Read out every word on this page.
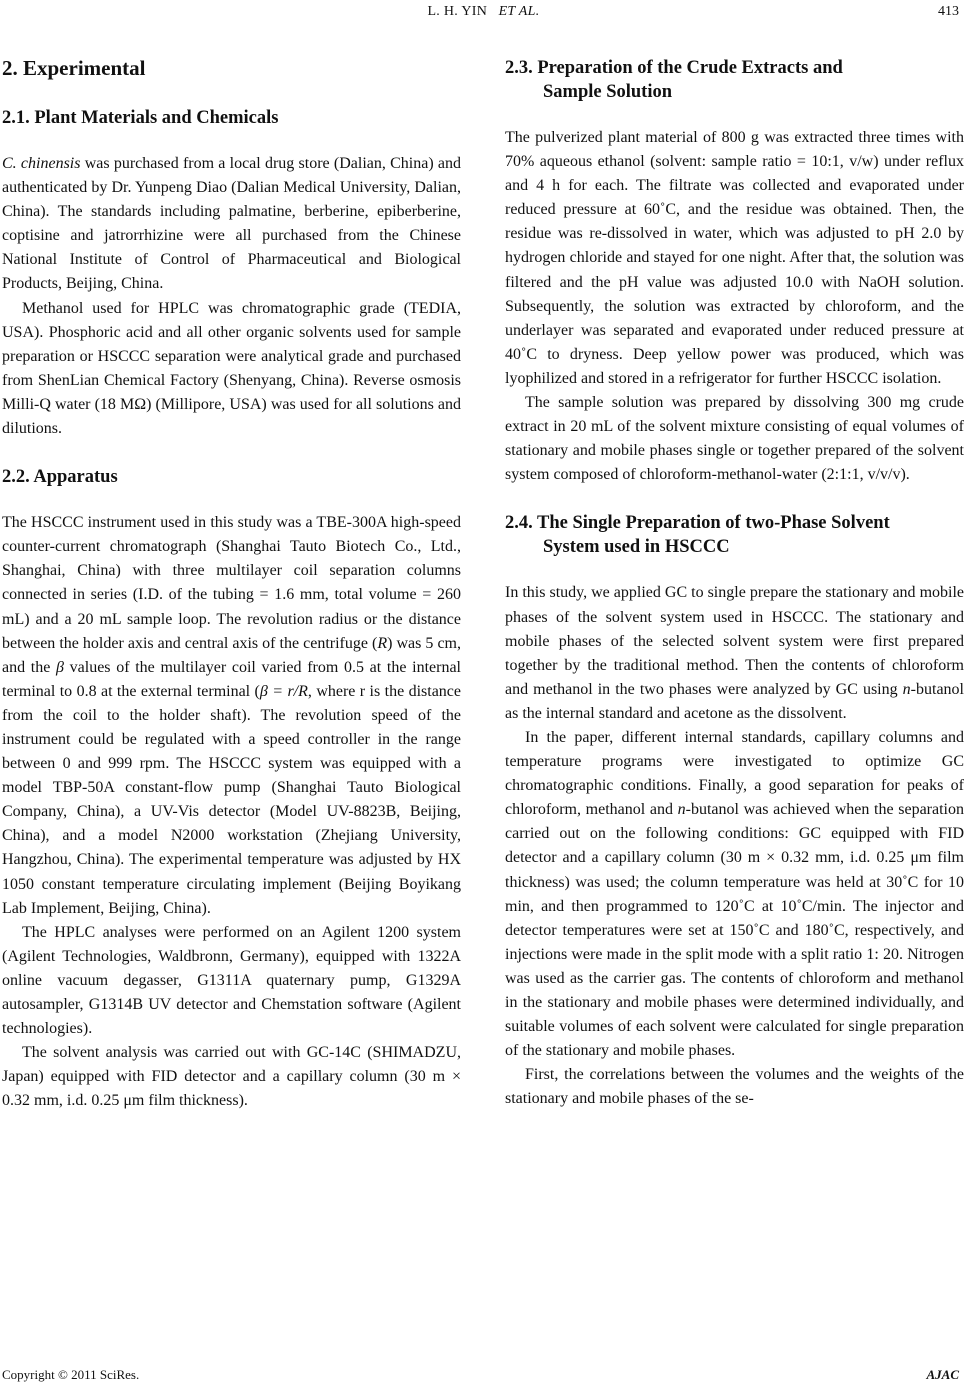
L. H. YIN ET AL.	413
2. Experimental
2.1. Plant Materials and Chemicals

C. chinensis was purchased from a local drug store (Dalian, China) and authenticated by Dr. Yunpeng Diao (Dalian Medical University, Dalian, China). The standards including palmatine, berberine, epiberberine, coptisine and jatrorrhizine were all purchased from the Chinese National Institute of Control of Pharmaceutical and Biological Products, Beijing, China.

Methanol used for HPLC was chromatographic grade (TEDIA, USA). Phosphoric acid and all other organic solvents used for sample preparation or HSCCC separation were analytical grade and purchased from ShenLian Chemical Factory (Shenyang, China). Reverse osmosis Milli-Q water (18 MΩ) (Millipore, USA) was used for all solutions and dilutions.

2.2. Apparatus

The HSCCC instrument used in this study was a TBE-300A high-speed counter-current chromatograph (Shanghai Tauto Biotech Co., Ltd., Shanghai, China) with three multilayer coil separation columns connected in series (I.D. of the tubing = 1.6 mm, total volume = 260 mL) and a 20 mL sample loop. The revolution radius or the distance between the holder axis and central axis of the centrifuge (R) was 5 cm, and the β values of the multilayer coil varied from 0.5 at the internal terminal to 0.8 at the external terminal (β = r/R, where r is the distance from the coil to the holder shaft). The revolution speed of the instrument could be regulated with a speed controller in the range between 0 and 999 rpm. The HSCCC system was equipped with a model TBP-50A constant-flow pump (Shanghai Tauto Biological Company, China), a UV-Vis detector (Model UV-8823B, Beijing, China), and a model N2000 workstation (Zhejiang University, Hangzhou, China). The experimental temperature was adjusted by HX 1050 constant temperature circulating implement (Beijing Boyikang Lab Implement, Beijing, China).

The HPLC analyses were performed on an Agilent 1200 system (Agilent Technologies, Waldbronn, Germany), equipped with 1322A online vacuum degasser, G1311A quaternary pump, G1329A autosampler, G1314B UV detector and Chemstation software (Agilent technologies).

The solvent analysis was carried out with GC-14C (SHIMADZU, Japan) equipped with FID detector and a capillary column (30 m × 0.32 mm, i.d. 0.25 μm film thickness).

2.3. Preparation of the Crude Extracts and
Sample Solution

The pulverized plant material of 800 g was extracted three times with 70% aqueous ethanol (solvent: sample ratio = 10:1, v/w) under reflux and 4 h for each. The filtrate was collected and evaporated under reduced pressure at 60˚C, and the residue was obtained. Then, the residue was re-dissolved in water, which was adjusted to pH 2.0 by hydrogen chloride and stayed for one night. After that, the solution was filtered and the pH value was adjusted 10.0 with NaOH solution. Subsequently, the solution was extracted by chloroform, and the underlayer was separated and evaporated under reduced pressure at 40˚C to dryness. Deep yellow power was produced, which was lyophilized and stored in a refrigerator for further HSCCC isolation.

The sample solution was prepared by dissolving 300 mg crude extract in 20 mL of the solvent mixture consisting of equal volumes of stationary and mobile phases single or together prepared of the solvent system composed of chloroform-methanol-water (2:1:1, v/v/v).

2.4. The Single Preparation of two-Phase Solvent
System used in HSCCC

In this study, we applied GC to single prepare the stationary and mobile phases of the solvent system used in HSCCC. The stationary and mobile phases of the selected solvent system were first prepared together by the traditional method. Then the contents of chloroform and methanol in the two phases were analyzed by GC using n-butanol as the internal standard and acetone as the dissolvent.

In the paper, different internal standards, capillary columns and temperature programs were investigated to optimize GC chromatographic conditions. Finally, a good separation for peaks of chloroform, methanol and n-butanol was achieved when the separation carried out on the following conditions: GC equipped with FID detector and a capillary column (30 m × 0.32 mm, i.d. 0.25 μm film thickness) was used; the column temperature was held at 30˚C for 10 min, and then programmed to 120˚C at 10˚C/min. The injector and detector temperatures were set at 150˚C and 180˚C, respectively, and injections were made in the split mode with a split ratio 1: 20. Nitrogen was used as the carrier gas. The contents of chloroform and methanol in the stationary and mobile phases were determined individually, and suitable volumes of each solvent were calculated for single preparation of the stationary and mobile phases.

First, the correlations between the volumes and the weights of the stationary and mobile phases of the se-

Copyright © 2011 SciRes.	AJAC
